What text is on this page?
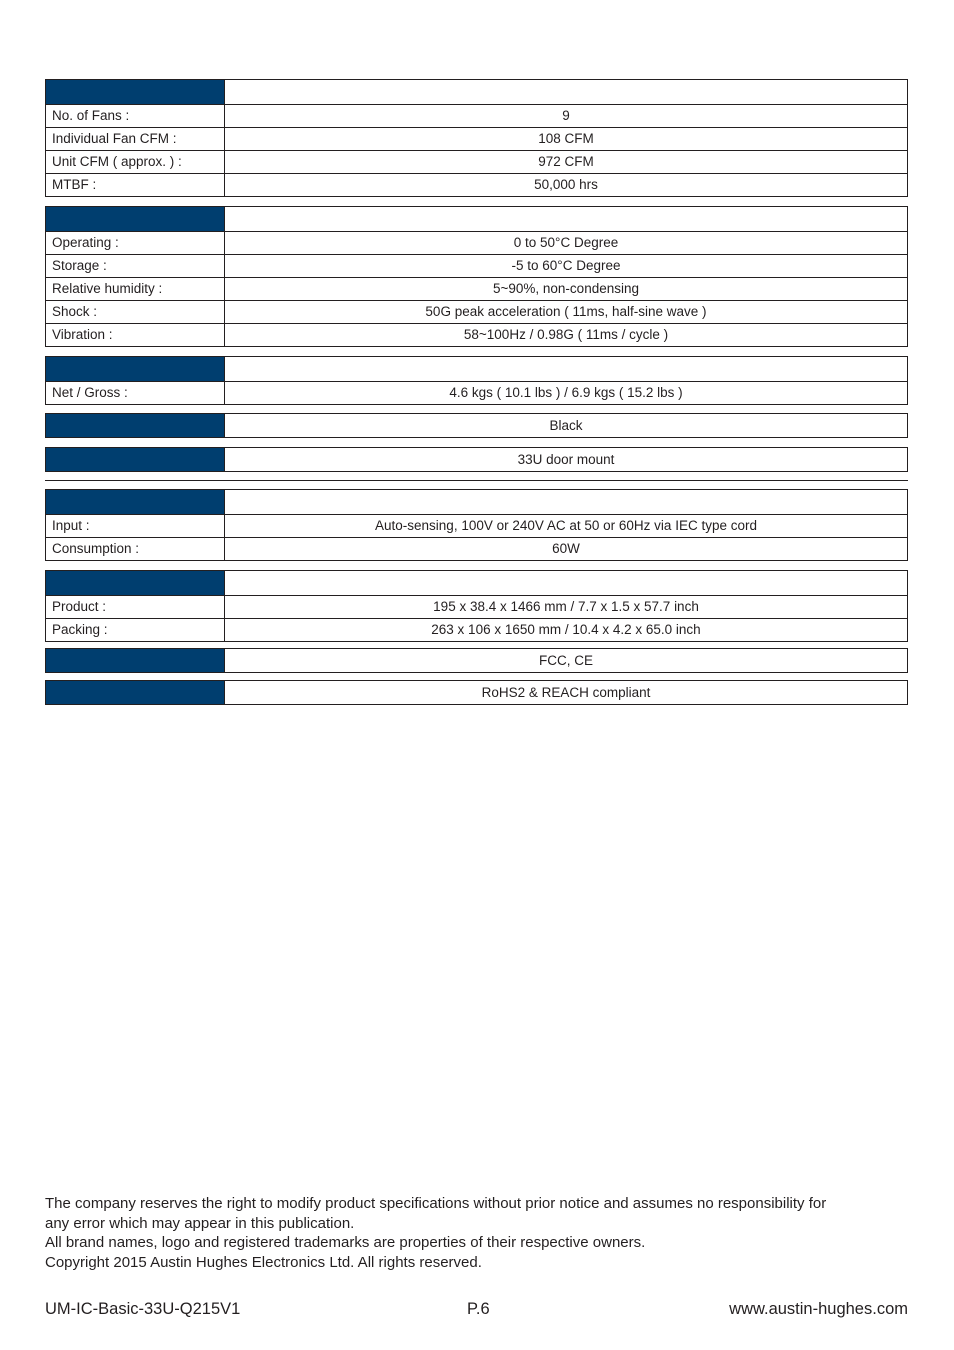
No. of Fans :	9
Individual Fan CFM :	108 CFM
Unit CFM ( approx. ) :	972 CFM
MTBF :	50,000 hrs

Operating :	0 to 50°C Degree
Storage :	-5 to 60°C Degree
Relative humidity :	5~90%, non-condensing
Shock :	50G peak acceleration ( 11ms, half-sine wave )
Vibration :	58~100Hz / 0.98G ( 11ms / cycle )

Net / Gross :	4.6 kgs ( 10.1 lbs ) / 6.9 kgs ( 15.2 lbs )
	Black
	33U door mount

Input :	Auto-sensing, 100V or 240V AC at 50 or 60Hz via IEC type cord
Consumption :	60W

Product :	195 x 38.4 x 1466 mm / 7.7 x 1.5 x 57.7 inch
Packing :	263 x 106 x 1650 mm / 10.4 x 4.2 x 65.0 inch
	FCC, CE
	RoHS2 & REACH compliant

The company reserves the right to modify product specifications without prior notice and assumes no responsibility for

any error which may appear in this publication.

All brand names, logo and registered trademarks are properties of their respective owners.

Copyright 2015 Austin Hughes Electronics Ltd. All rights reserved.

UM-IC-Basic-33U-Q215V1	P.6	www.austin-hughes.com
